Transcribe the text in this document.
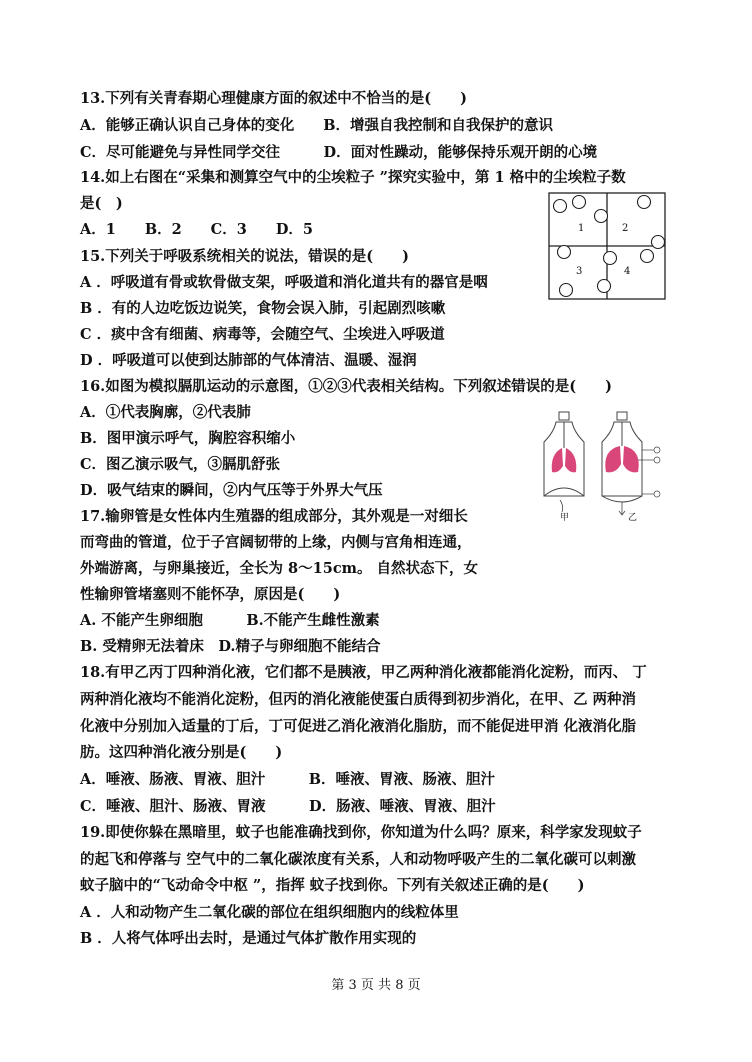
13.下列有关青春期心理健康方面的叙述中不恰当的是(　　)
A．能够正确认识自己身体的变化　　B．增强自我控制和自我保护的意识
C．尽可能避免与异性同学交往　　　D．面对性躁动，能够保持乐观开朗的心境
14.如上右图在“采集和测算空气中的尘埃粒子 ”探究实验中，第 1 格中的尘埃粒子数
是(　)
A．1　　B．2　　C．3　　D．5	1	2
3	4
15.下列关于呼吸系统相关的说法，错误的是(　　)
A ．呼吸道有骨或软骨做支架，呼吸道和消化道共有的器官是咽
B ．有的人边吃饭边说笑，食物会误入肺，引起剧烈咳嗽
C ．痰中含有细菌、病毒等，会随空气、尘埃进入呼吸道
D ．呼吸道可以使到达肺部的气体清洁、温暖、湿润
16.如图为模拟膈肌运动的示意图，①②③代表相关结构。下列叙述错误的是(　　)
A．①代表胸廓，②代表肺
B．图甲演示呼气，胸腔容积缩小
C．图乙演示吸气，③膈肌舒张
D．吸气结束的瞬间，②内气压等于外界大气压
甲	乙
17.输卵管是女性体内生殖器的组成部分，其外观是一对细长
而弯曲的管道，位于子宫阔韧带的上缘，内侧与宫角相连通，
外端游离，与卵巢接近，全长为 8～15cm。 自然状态下，女
性输卵管堵塞则不能怀孕，原因是(　　)
A. 不能产生卵细胞　　　B.不能产生雌性激素
B. 受精卵无法着床　D.精子与卵细胞不能结合
18.有甲乙丙丁四种消化液，它们都不是胰液，甲乙两种消化液都能消化淀粉，而丙、 丁
两种消化液均不能消化淀粉，但丙的消化液能使蛋白质得到初步消化，在甲、乙 两种消
化液中分别加入适量的丁后，丁可促进乙消化液消化脂肪，而不能促进甲消 化液消化脂
肪。这四种消化液分别是(　　)
A．唾液、肠液、胃液、胆汁　　　B．唾液、胃液、肠液、胆汁
C．唾液、胆汁、肠液、胃液　　　D．肠液、唾液、胃液、胆汁
19.即使你躲在黑暗里，蚊子也能准确找到你，你知道为什么吗？原来，科学家发现蚊子
的起飞和停落与 空气中的二氧化碳浓度有关系，人和动物呼吸产生的二氧化碳可以刺激
蚊子脑中的“飞动命令中枢 ”，指挥 蚊子找到你。下列有关叙述正确的是(　　)
A ．人和动物产生二氧化碳的部位在组织细胞内的线粒体里
B ．人将气体呼出去时，是通过气体扩散作用实现的
第 3 页 共 8 页
